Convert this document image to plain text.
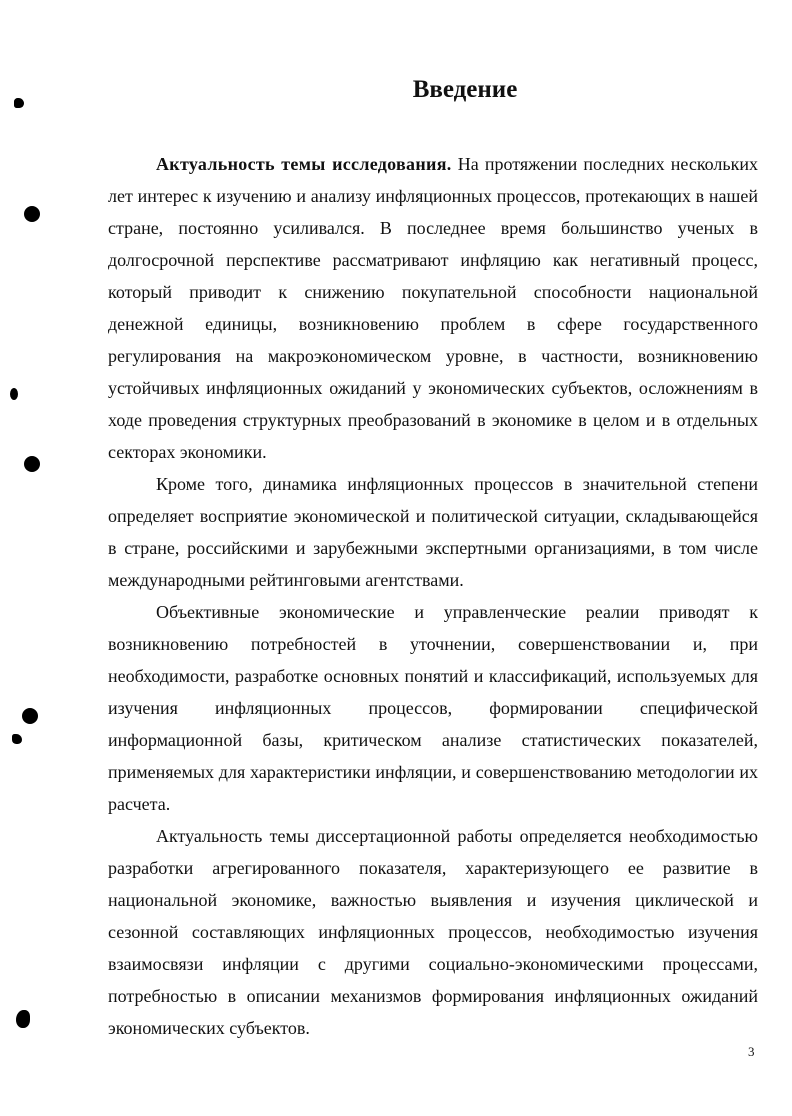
Введение

Актуальность темы исследования. На протяжении последних нескольких лет интерес к изучению и анализу инфляционных процессов, протекающих в нашей стране, постоянно усиливался. В последнее время большинство ученых в долгосрочной перспективе рассматривают инфляцию как негативный процесс, который приводит к снижению покупательной способности национальной денежной единицы, возникновению проблем в сфере государственного регулирования на макроэкономическом уровне, в частности, возникновению устойчивых инфляционных ожиданий у экономических субъектов, осложнениям в ходе проведения структурных преобразований в экономике в целом и в отдельных секторах экономики.

Кроме того, динамика инфляционных процессов в значительной степени определяет восприятие экономической и политической ситуации, складывающейся в стране, российскими и зарубежными экспертными организациями, в том числе международными рейтинговыми агентствами.

Объективные экономические и управленческие реалии приводят к возникновению потребностей в уточнении, совершенствовании и, при необходимости, разработке основных понятий и классификаций, используемых для изучения инфляционных процессов, формировании специфической информационной базы, критическом анализе статистических показателей, применяемых для характеристики инфляции, и совершенствованию методологии их расчета.

Актуальность темы диссертационной работы определяется необходимостью разработки агрегированного показателя, характеризующего ее развитие в национальной экономике, важностью выявления и изучения циклической и сезонной составляющих инфляционных процессов, необходимостью изучения взаимосвязи инфляции с другими социально-экономическими процессами, потребностью в описании механизмов формирования инфляционных ожиданий экономических субъектов.

3
